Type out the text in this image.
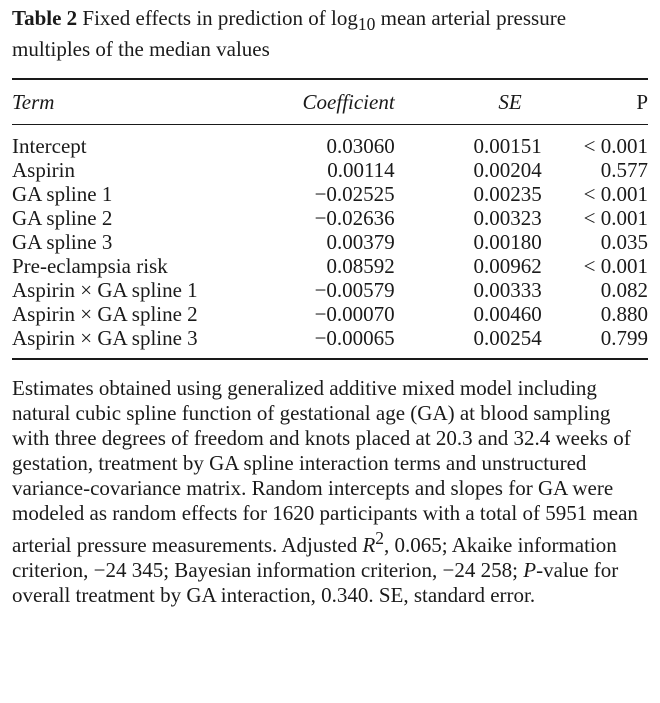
Table 2 Fixed effects in prediction of $\log_{10}$ mean arterial pressure multiples of the median values

Term	Coefficient	SE	P

Intercept	0.03060	0.00151	< 0.001
Aspirin	0.00114	0.00204	0.577
GA spline 1	−0.02525	0.00235	< 0.001
GA spline 2	−0.02636	0.00323	< 0.001
GA spline 3	0.00379	0.00180	0.035
Pre-eclampsia risk	0.08592	0.00962	< 0.001
Aspirin × GA spline 1	−0.00579	0.00333	0.082
Aspirin × GA spline 2	−0.00070	0.00460	0.880
Aspirin × GA spline 3	−0.00065	0.00254	0.799

Estimates obtained using generalized additive mixed model including natural cubic spline function of gestational age (GA) at blood sampling with three degrees of freedom and knots placed at 20.3 and 32.4 weeks of gestation, treatment by GA spline interaction terms and unstructured variance-covariance matrix. Random intercepts and slopes for GA were modeled as random effects for 1620 participants with a total of 5951 mean arterial pressure measurements. Adjusted $R^2$, 0.065; Akaike information criterion, −24 345; Bayesian information criterion, −24 258; P-value for overall treatment by GA interaction, 0.340. SE, standard error.
